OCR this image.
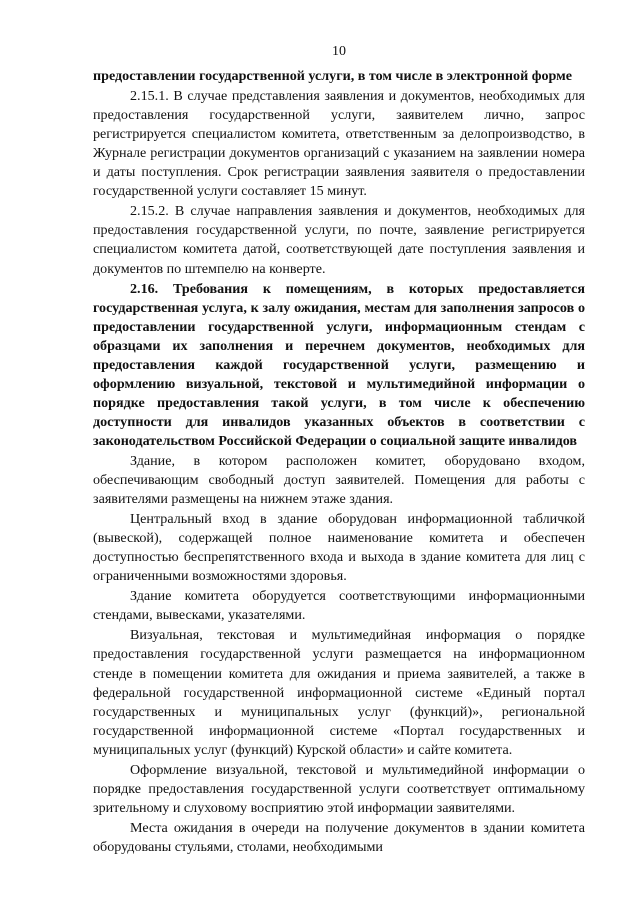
10

предоставлении государственной услуги, в том числе в электронной форме

2.15.1. В случае представления заявления и документов, необходимых для предоставления государственной услуги, заявителем лично, запрос регистрируется специалистом комитета, ответственным за делопроизводство, в Журнале регистрации документов организаций с указанием на заявлении номера и даты поступления. Срок регистрации заявления заявителя о предоставлении государственной услуги составляет 15 минут.

2.15.2. В случае направления заявления и документов, необходимых для предоставления государственной услуги, по почте, заявление регистрируется специалистом комитета датой, соответствующей дате поступления заявления и документов по штемпелю на конверте.

2.16. Требования к помещениям, в которых предоставляется государственная услуга, к залу ожидания, местам для заполнения запросов о предоставлении государственной услуги, информационным стендам с образцами их заполнения и перечнем документов, необходимых для предоставления каждой государственной услуги, размещению и оформлению визуальной, текстовой и мультимедийной информации о порядке предоставления такой услуги, в том числе к обеспечению доступности для инвалидов указанных объектов в соответствии с законодательством Российской Федерации о социальной защите инвалидов

Здание, в котором расположен комитет, оборудовано входом, обеспечивающим свободный доступ заявителей. Помещения для работы с заявителями размещены на нижнем этаже здания.

Центральный вход в здание оборудован информационной табличкой (вывеской), содержащей полное наименование комитета и обеспечен доступностью беспрепятственного входа и выхода в здание комитета для лиц с ограниченными возможностями здоровья.

Здание комитета оборудуется соответствующими информационными стендами, вывесками, указателями.

Визуальная, текстовая и мультимедийная информация о порядке предоставления государственной услуги размещается на информационном стенде в помещении комитета для ожидания и приема заявителей, а также в федеральной государственной информационной системе «Единый портал государственных и муниципальных услуг (функций)», региональной государственной информационной системе «Портал государственных и муниципальных услуг (функций) Курской области» и сайте комитета.

Оформление визуальной, текстовой и мультимедийной информации о порядке предоставления государственной услуги соответствует оптимальному зрительному и слуховому восприятию этой информации заявителями.

Места ожидания в очереди на получение документов в здании комитета оборудованы стульями, столами, необходимыми
